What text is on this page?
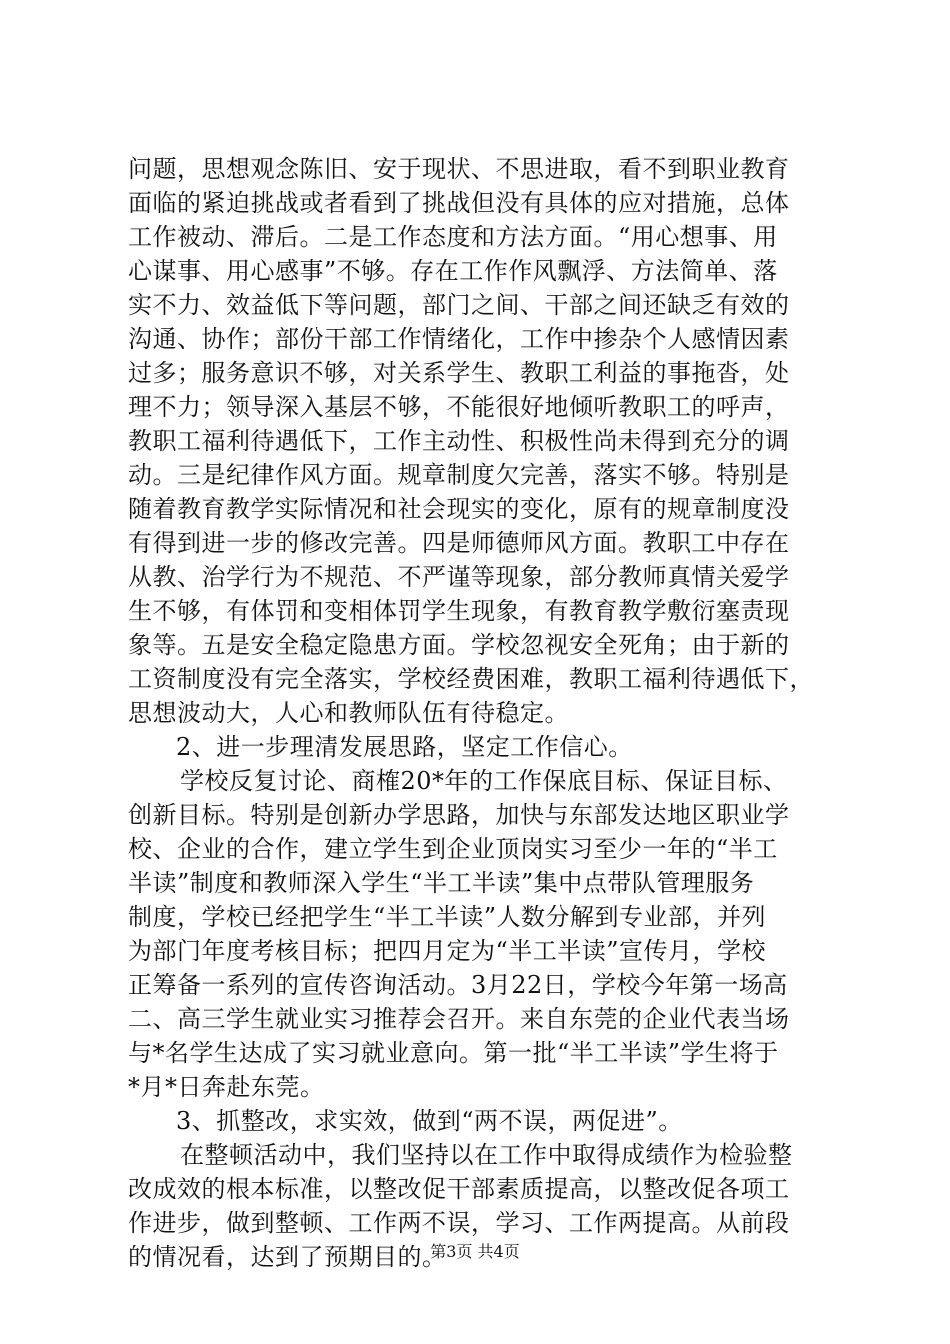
问题，思想观念陈旧、安于现状、不思进取，看不到职业教育
面临的紧迫挑战或者看到了挑战但没有具体的应对措施，总体
工作被动、滞后。二是工作态度和方法方面。“用心想事、用
心谋事、用心感事”不够。存在工作作风飘浮、方法简单、落
实不力、效益低下等问题，部门之间、干部之间还缺乏有效的
沟通、协作；部份干部工作情绪化，工作中掺杂个人感情因素
过多；服务意识不够，对关系学生、教职工利益的事拖沓，处
理不力；领导深入基层不够，不能很好地倾听教职工的呼声，
教职工福利待遇低下，工作主动性、积极性尚未得到充分的调
动。三是纪律作风方面。规章制度欠完善，落实不够。特别是
随着教育教学实际情况和社会现实的变化，原有的规章制度没
有得到进一步的修改完善。四是师德师风方面。教职工中存在
从教、治学行为不规范、不严谨等现象，部分教师真情关爱学
生不够，有体罚和变相体罚学生现象，有教育教学敷衍塞责现
象等。五是安全稳定隐患方面。学校忽视安全死角；由于新的
工资制度没有完全落实，学校经费困难，教职工福利待遇低下，
思想波动大，人心和教师队伍有待稳定。
2、进一步理清发展思路，坚定工作信心。
学校反复讨论、商榷20*年的工作保底目标、保证目标、
创新目标。特别是创新办学思路，加快与东部发达地区职业学
校、企业的合作，建立学生到企业顶岗实习至少一年的“半工
半读”制度和教师深入学生“半工半读”集中点带队管理服务
制度，学校已经把学生“半工半读”人数分解到专业部，并列
为部门年度考核目标；把四月定为“半工半读”宣传月，学校
正筹备一系列的宣传咨询活动。3月22日，学校今年第一场高
二、高三学生就业实习推荐会召开。来自东莞的企业代表当场
与*名学生达成了实习就业意向。第一批“半工半读”学生将于
*月*日奔赴东莞。
3、抓整改，求实效，做到“两不误，两促进”。
在整顿活动中，我们坚持以在工作中取得成绩作为检验整
改成效的根本标准，以整改促干部素质提高，以整改促各项工
作进步，做到整顿、工作两不误，学习、工作两提高。从前段
的情况看，达到了预期目的。
第3页 共4页
